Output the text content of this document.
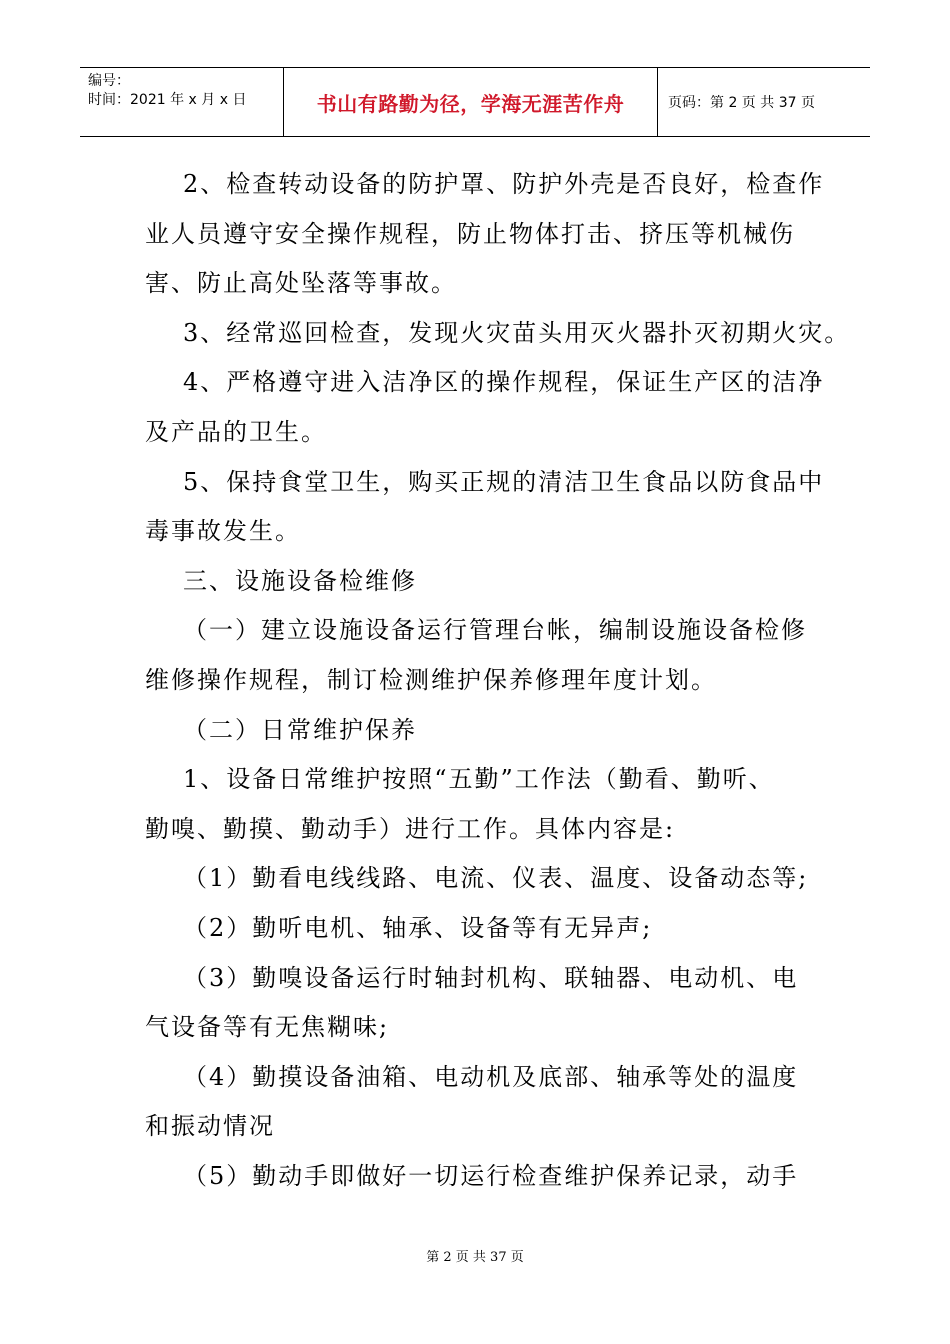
编号：
时间：2021 年 x 月 x 日	书山有路勤为径，学海无涯苦作舟	页码：第 2 页 共 37 页
2、检查转动设备的防护罩、防护外壳是否良好，检查作
业人员遵守安全操作规程，防止物体打击、挤压等机械伤
害、防止高处坠落等事故。
3、经常巡回检查，发现火灾苗头用灭火器扑灭初期火灾。
4、严格遵守进入洁净区的操作规程，保证生产区的洁净
及产品的卫生。
5、保持食堂卫生，购买正规的清洁卫生食品以防食品中
毒事故发生。
三、设施设备检维修
（一）建立设施设备运行管理台帐，编制设施设备检修
维修操作规程，制订检测维护保养修理年度计划。
（二）日常维护保养
1、设备日常维护按照“五勤”工作法（勤看、勤听、
勤嗅、勤摸、勤动手）进行工作。具体内容是:
（1）勤看电线线路、电流、仪表、温度、设备动态等;
（2）勤听电机、轴承、设备等有无异声;
（3）勤嗅设备运行时轴封机构、联轴器、电动机、电
气设备等有无焦糊味;
（4）勤摸设备油箱、电动机及底部、轴承等处的温度
和振动情况
（5）勤动手即做好一切运行检查维护保养记录，动手
第 2 页 共 37 页
